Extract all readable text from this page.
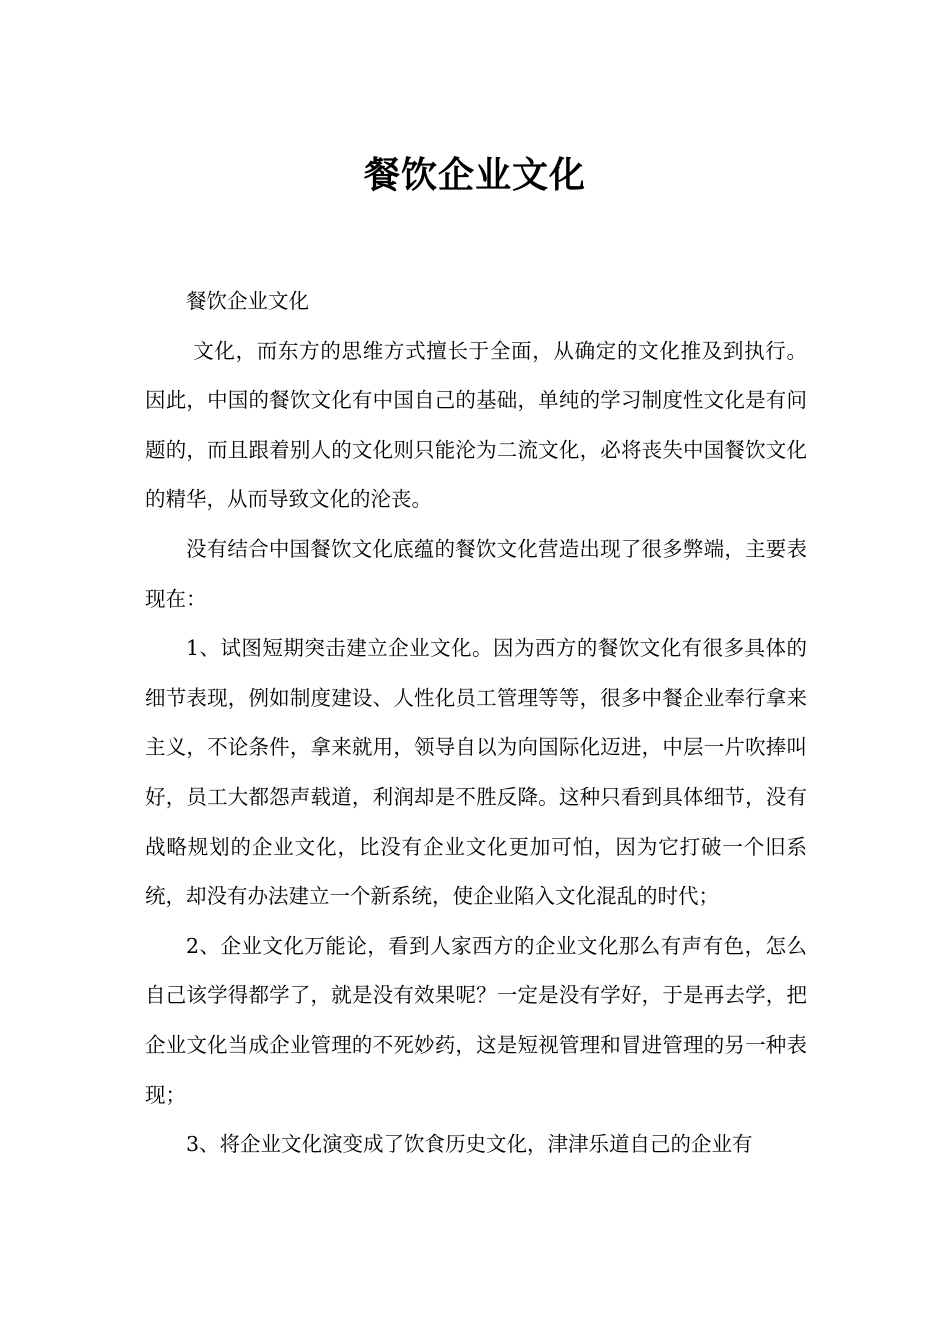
餐饮企业文化

餐饮企业文化

文化，而东方的思维方式擅长于全面，从确定的文化推及到执行。因此，中国的餐饮文化有中国自己的基础，单纯的学习制度性文化是有问题的，而且跟着别人的文化则只能沦为二流文化，必将丧失中国餐饮文化的精华，从而导致文化的沦丧。

没有结合中国餐饮文化底蕴的餐饮文化营造出现了很多弊端，主要表现在：

1、试图短期突击建立企业文化。因为西方的餐饮文化有很多具体的细节表现，例如制度建设、人性化员工管理等等，很多中餐企业奉行拿来主义，不论条件，拿来就用，领导自以为向国际化迈进，中层一片吹捧叫好，员工大都怨声载道，利润却是不胜反降。这种只看到具体细节，没有战略规划的企业文化，比没有企业文化更加可怕，因为它打破一个旧系统，却没有办法建立一个新系统，使企业陷入文化混乱的时代；

2、企业文化万能论，看到人家西方的企业文化那么有声有色，怎么自己该学得都学了，就是没有效果呢？一定是没有学好，于是再去学，把企业文化当成企业管理的不死妙药，这是短视管理和冒进管理的另一种表现；

3、将企业文化演变成了饮食历史文化，津津乐道自己的企业有
